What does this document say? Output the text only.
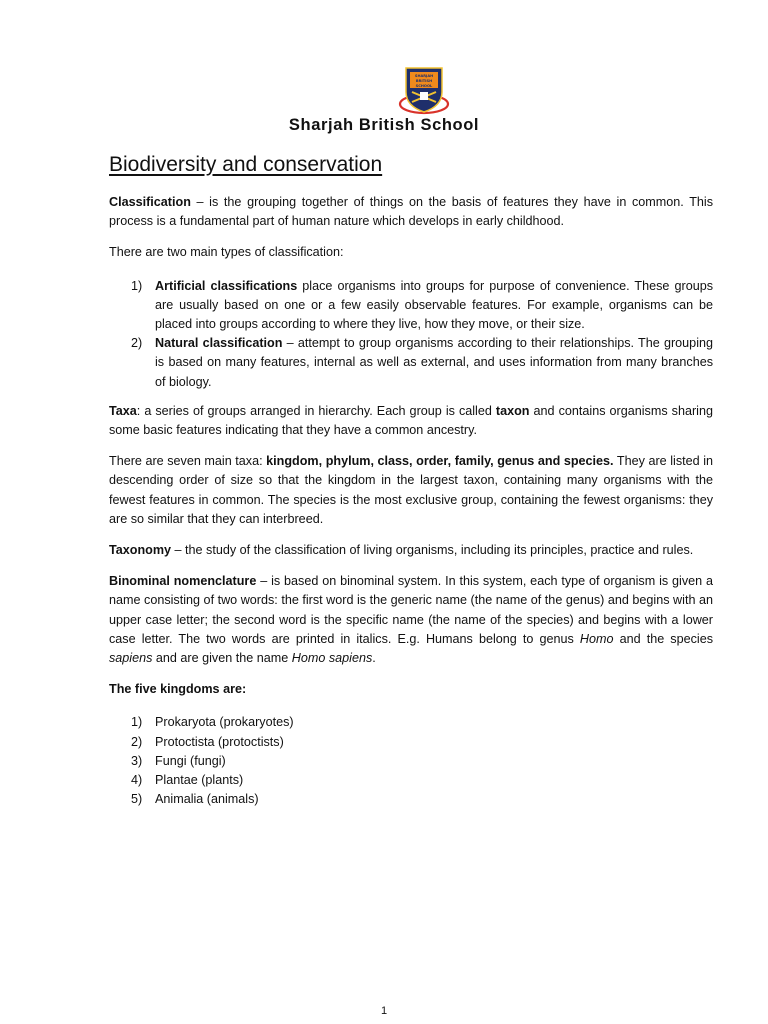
SHARJAH
BRITISH
SCHOOL
Sharjah British School
Biodiversity and conservation

Classification – is the grouping together of things on the basis of features they have in common. This process is a fundamental part of human nature which develops in early childhood.

There are two main types of classification:

1) Artificial classifications place organisms into groups for purpose of convenience. These groups are usually based on one or a few easily observable features. For example, organisms can be placed into groups according to where they live, how they move, or their size.
2) Natural classification – attempt to group organisms according to their relationships. The grouping is based on many features, internal as well as external, and uses information from many branches of biology.

Taxa: a series of groups arranged in hierarchy. Each group is called taxon and contains organisms sharing some basic features indicating that they have a common ancestry.

There are seven main taxa: kingdom, phylum, class, order, family, genus and species. They are listed in descending order of size so that the kingdom in the largest taxon, containing many organisms with the fewest features in common. The species is the most exclusive group, containing the fewest organisms: they are so similar that they can interbreed.

Taxonomy – the study of the classification of living organisms, including its principles, practice and rules.

Binominal nomenclature – is based on binominal system. In this system, each type of organism is given a name consisting of two words: the first word is the generic name (the name of the genus) and begins with an upper case letter; the second word is the specific name (the name of the species) and begins with a lower case letter. The two words are printed in italics. E.g. Humans belong to genus Homo and the species sapiens and are given the name Homo sapiens.

The five kingdoms are:

1) Prokaryota (prokaryotes)
2) Protoctista (protoctists)
3) Fungi (fungi)
4) Plantae (plants)
5) Animalia (animals)

1
